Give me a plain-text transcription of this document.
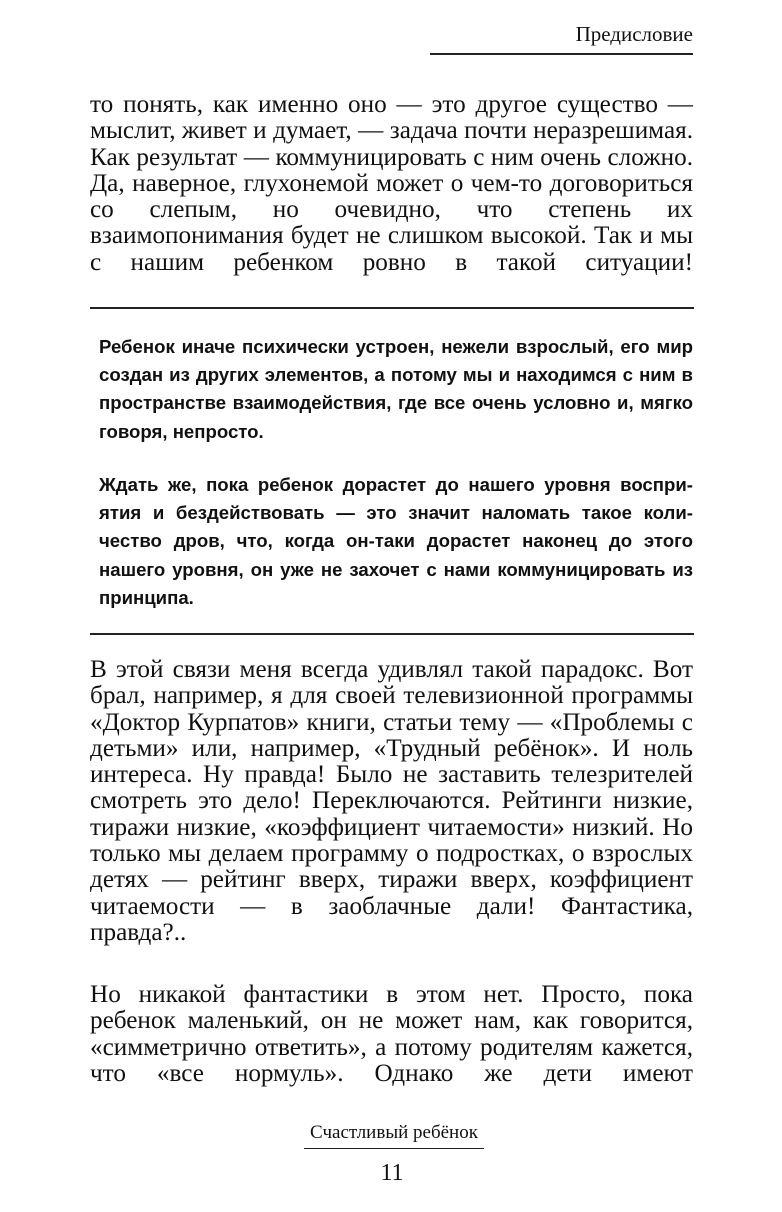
Предисловие

то понять, как именно оно — это другое существо — мыслит, живет и думает, — задача почти неразрешимая. Как результат — коммуницировать с ним очень сложно. Да, наверное, глухонемой может о чем-то договориться со слепым, но очевидно, что степень их взаимопонимания будет не слишком высокой. Так и мы с нашим ребенком ровно в такой ситуации!

Ребенок иначе психически устроен, нежели взрослый, его мир создан из других элементов, а потому мы и находимся с ним в пространстве взаимодействия, где все очень условно и, мягко говоря, непросто.

Ждать же, пока ребенок дорастет до нашего уровня восприятия и бездействовать — это значит наломать такое количество дров, что, когда он-таки дорастет наконец до этого нашего уровня, он уже не захочет с нами коммуницировать из принципа.

В этой связи меня всегда удивлял такой парадокс. Вот брал, например, я для своей телевизионной программы «Доктор Курпатов» книги, статьи тему — «Проблемы с детьми» или, например, «Трудный ребёнок». И ноль интереса. Ну правда! Было не заставить телезрителей смотреть это дело! Переключаются. Рейтинги низкие, тиражи низкие, «коэффициент читаемости» низкий. Но только мы делаем программу о подростках, о взрослых детях — рейтинг вверх, тиражи вверх, коэффициент читаемости — в заоблачные дали! Фантастика, правда?..

Но никакой фантастики в этом нет. Просто, пока ребенок маленький, он не может нам, как говорится, «симметрично ответить», а потому родителям кажется, что «все нормуль». Однако же дети имеют

Счастливый ребёнок
11
